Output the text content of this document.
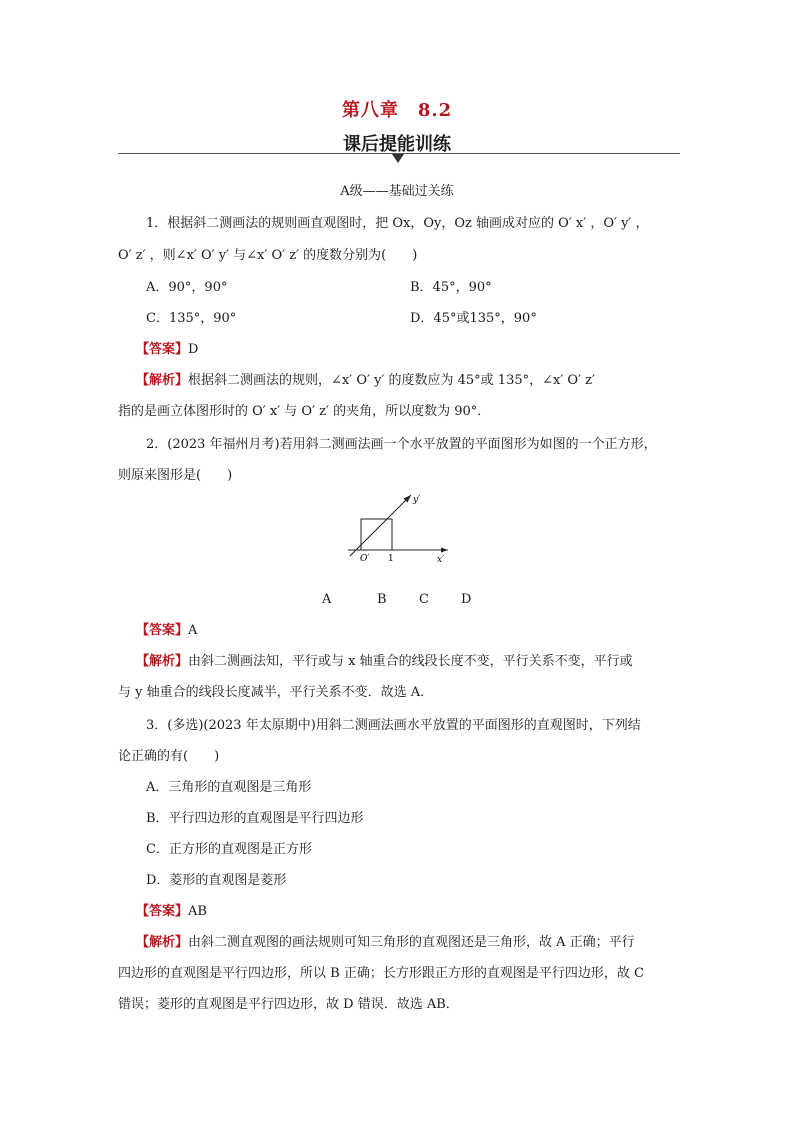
第八章　8.2
课后提能训练
A级——基础过关练
1．根据斜二测画法的规则画直观图时，把 Ox，Oy，Oz 轴画成对应的 O′ x′ ，O′ y′ ，
O′ z′ ，则∠x′ O′ y′ 与∠x′ O′ z′ 的度数分别为(　　)
A．90°，90°	B．45°，90°
C．135°，90°	D．45°或135°，90°
【答案】D
【解析】根据斜二测画法的规则，∠x′ O′ y′ 的度数应为 45°或 135°，∠x′ O′ z′
指的是画立体图形时的 O′ x′ 与 O′ z′ 的夹角，所以度数为 90°．
2．(2023 年福州月考)若用斜二测画法画一个水平放置的平面图形为如图的一个正方形，
则原来图形是(　　)
y′
x′
O′ 1
A	B C D
【答案】A
【解析】由斜二测画法知，平行或与 x 轴重合的线段长度不变，平行关系不变，平行或
与 y 轴重合的线段长度减半，平行关系不变．故选 A．
3．(多选)(2023 年太原期中)用斜二测画法画水平放置的平面图形的直观图时，下列结
论正确的有(　　)
A．三角形的直观图是三角形
B．平行四边形的直观图是平行四边形
C．正方形的直观图是正方形
D．菱形的直观图是菱形
【答案】AB
【解析】由斜二测直观图的画法规则可知三角形的直观图还是三角形，故 A 正确；平行
四边形的直观图是平行四边形，所以 B 正确；长方形跟正方形的直观图是平行四边形，故 C
错误；菱形的直观图是平行四边形，故 D 错误．故选 AB．
